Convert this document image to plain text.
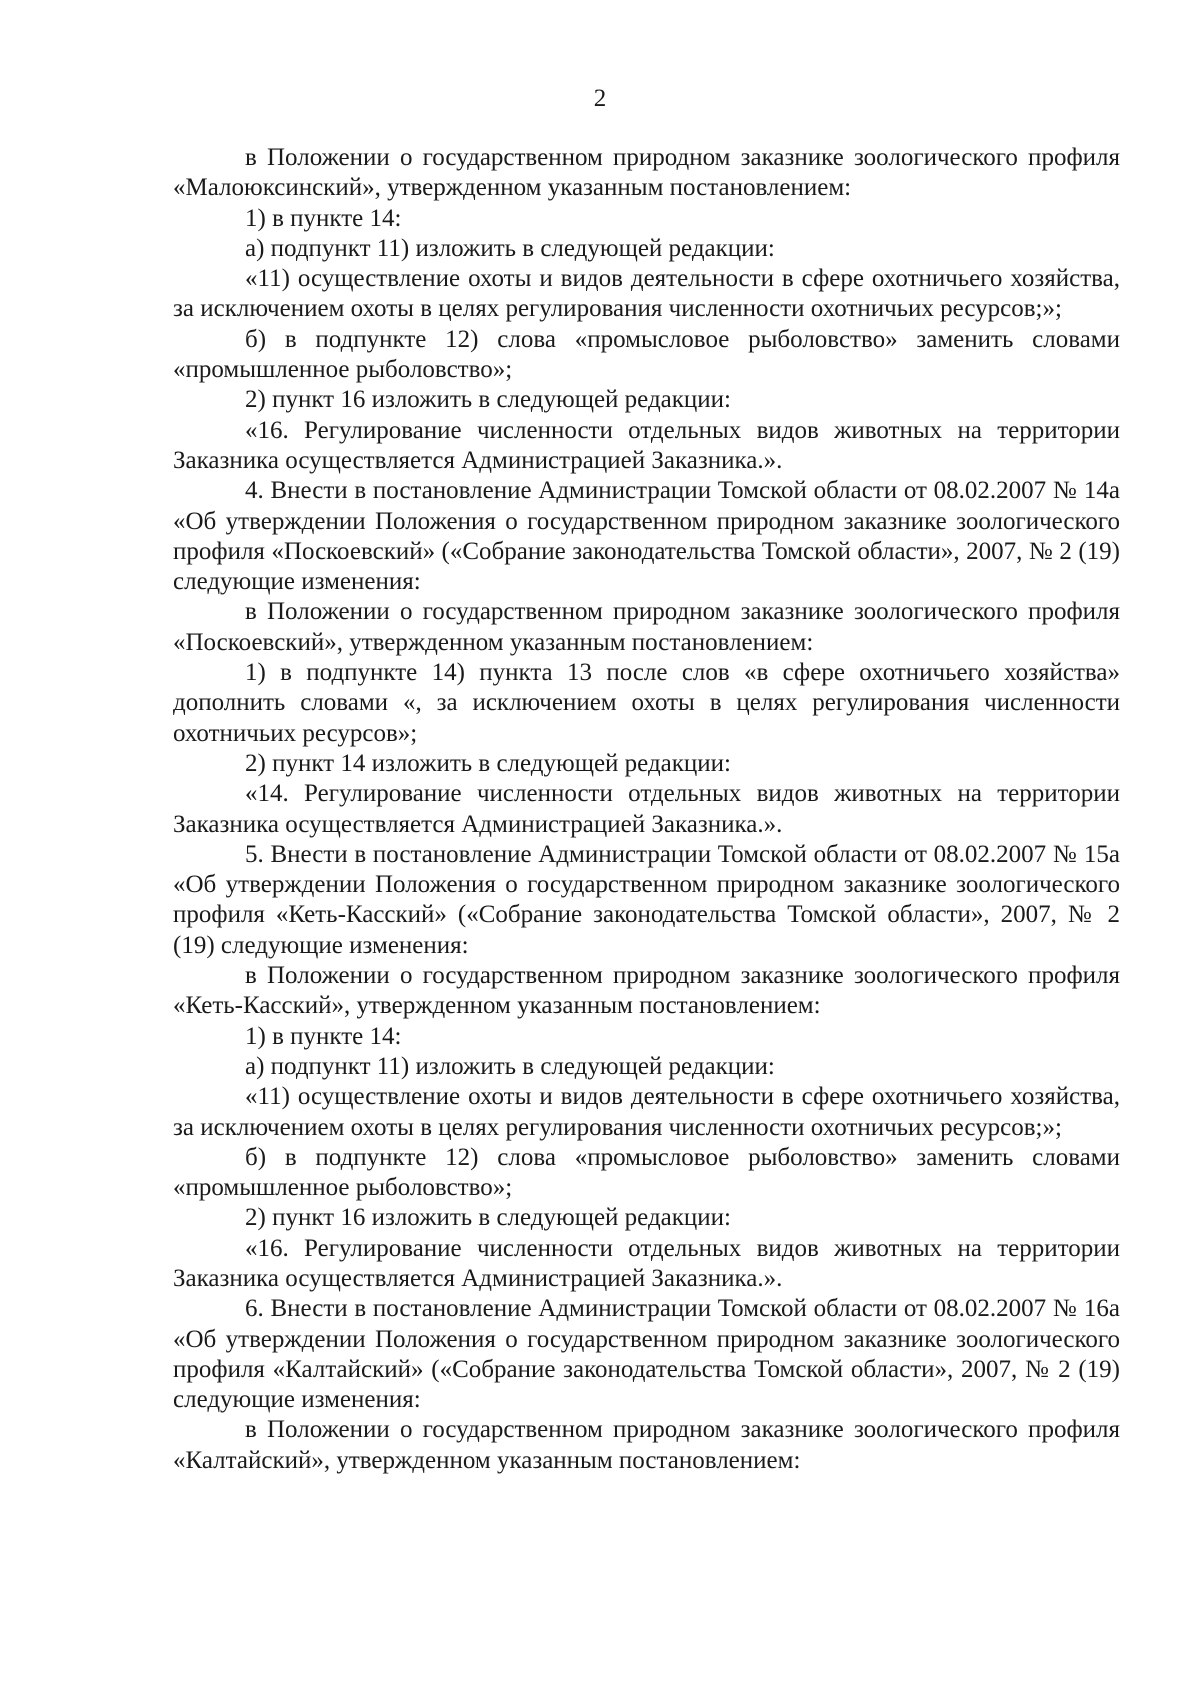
2

в Положении о государственном природном заказнике зоологического профиля «Малоюксинский», утвержденном указанным постановлением:

1) в пункте 14:

а) подпункт 11) изложить в следующей редакции:

«11) осуществление охоты и видов деятельности в сфере охотничьего хозяйства, за исключением охоты в целях регулирования численности охотничьих ресурсов;»;

б) в подпункте 12) слова «промысловое рыболовство» заменить словами «промышленное рыболовство»;

2) пункт 16 изложить в следующей редакции:

«16. Регулирование численности отдельных видов животных на территории Заказника осуществляется Администрацией Заказника.».

4. Внести в постановление Администрации Томской области от 08.02.2007 № 14а «Об утверждении Положения о государственном природном заказнике зоологического профиля «Поскоевский» («Собрание законодательства Томской области», 2007, № 2 (19) следующие изменения:

в Положении о государственном природном заказнике зоологического профиля «Поскоевский», утвержденном указанным постановлением:

1) в подпункте 14) пункта 13 после слов «в сфере охотничьего хозяйства» дополнить словами «, за исключением охоты в целях регулирования численности охотничьих ресурсов»;

2) пункт 14 изложить в следующей редакции:

«14. Регулирование численности отдельных видов животных на территории Заказника осуществляется Администрацией Заказника.».

5. Внести в постановление Администрации Томской области от 08.02.2007 № 15а «Об утверждении Положения о государственном природном заказнике зоологического профиля «Кеть-Касский» («Собрание законодательства Томской области», 2007, № 2 (19) следующие изменения:

в Положении о государственном природном заказнике зоологического профиля «Кеть-Касский», утвержденном указанным постановлением:

1) в пункте 14:

а) подпункт 11) изложить в следующей редакции:

«11) осуществление охоты и видов деятельности в сфере охотничьего хозяйства, за исключением охоты в целях регулирования численности охотничьих ресурсов;»;

б) в подпункте 12) слова «промысловое рыболовство» заменить словами «промышленное рыболовство»;

2) пункт 16 изложить в следующей редакции:

«16. Регулирование численности отдельных видов животных на территории Заказника осуществляется Администрацией Заказника.».

6. Внести в постановление Администрации Томской области от 08.02.2007 № 16а «Об утверждении Положения о государственном природном заказнике зоологического профиля «Калтайский» («Собрание законодательства Томской области», 2007, № 2 (19) следующие изменения:

в Положении о государственном природном заказнике зоологического профиля «Калтайский», утвержденном указанным постановлением:
